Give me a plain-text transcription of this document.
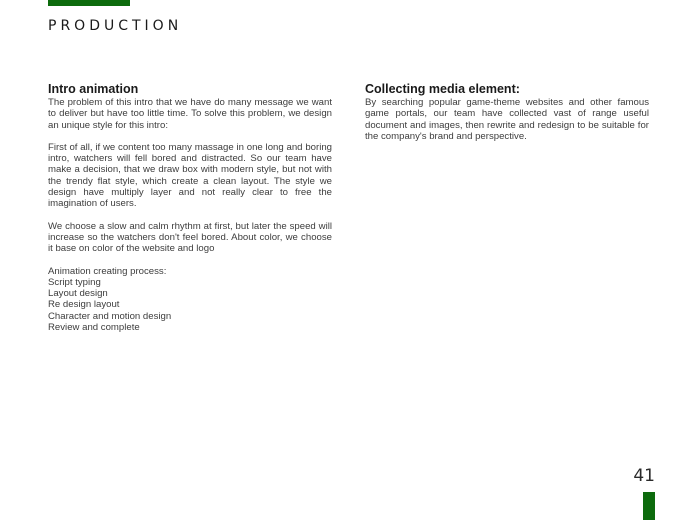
PRODUCTION
Intro animation

The problem of this intro that we have do many message we want to deliver but have too little time. To solve this problem, we design an unique style for this intro:

First of all, if we content too many massage in one long and boring intro, watchers will fell bored and distracted. So our team have make a decision, that we draw box with modern style, but not with the trendy flat style, which create a clean layout. The style we design have multiply layer and not really clear to free the imagination of users.

We choose a slow and calm rhythm at first, but later the speed will increase so the watchers don't feel bored. About color, we choose it base on color of the website and logo

Animation creating process:
Script typing
Layout design
Re design layout
Character and motion design
Review and complete
Collecting media element:

By searching popular game-theme websites and other famous game portals, our team have collected vast of range useful document and images, then rewrite and redesign to be suitable for the company's brand and perspective.

41
